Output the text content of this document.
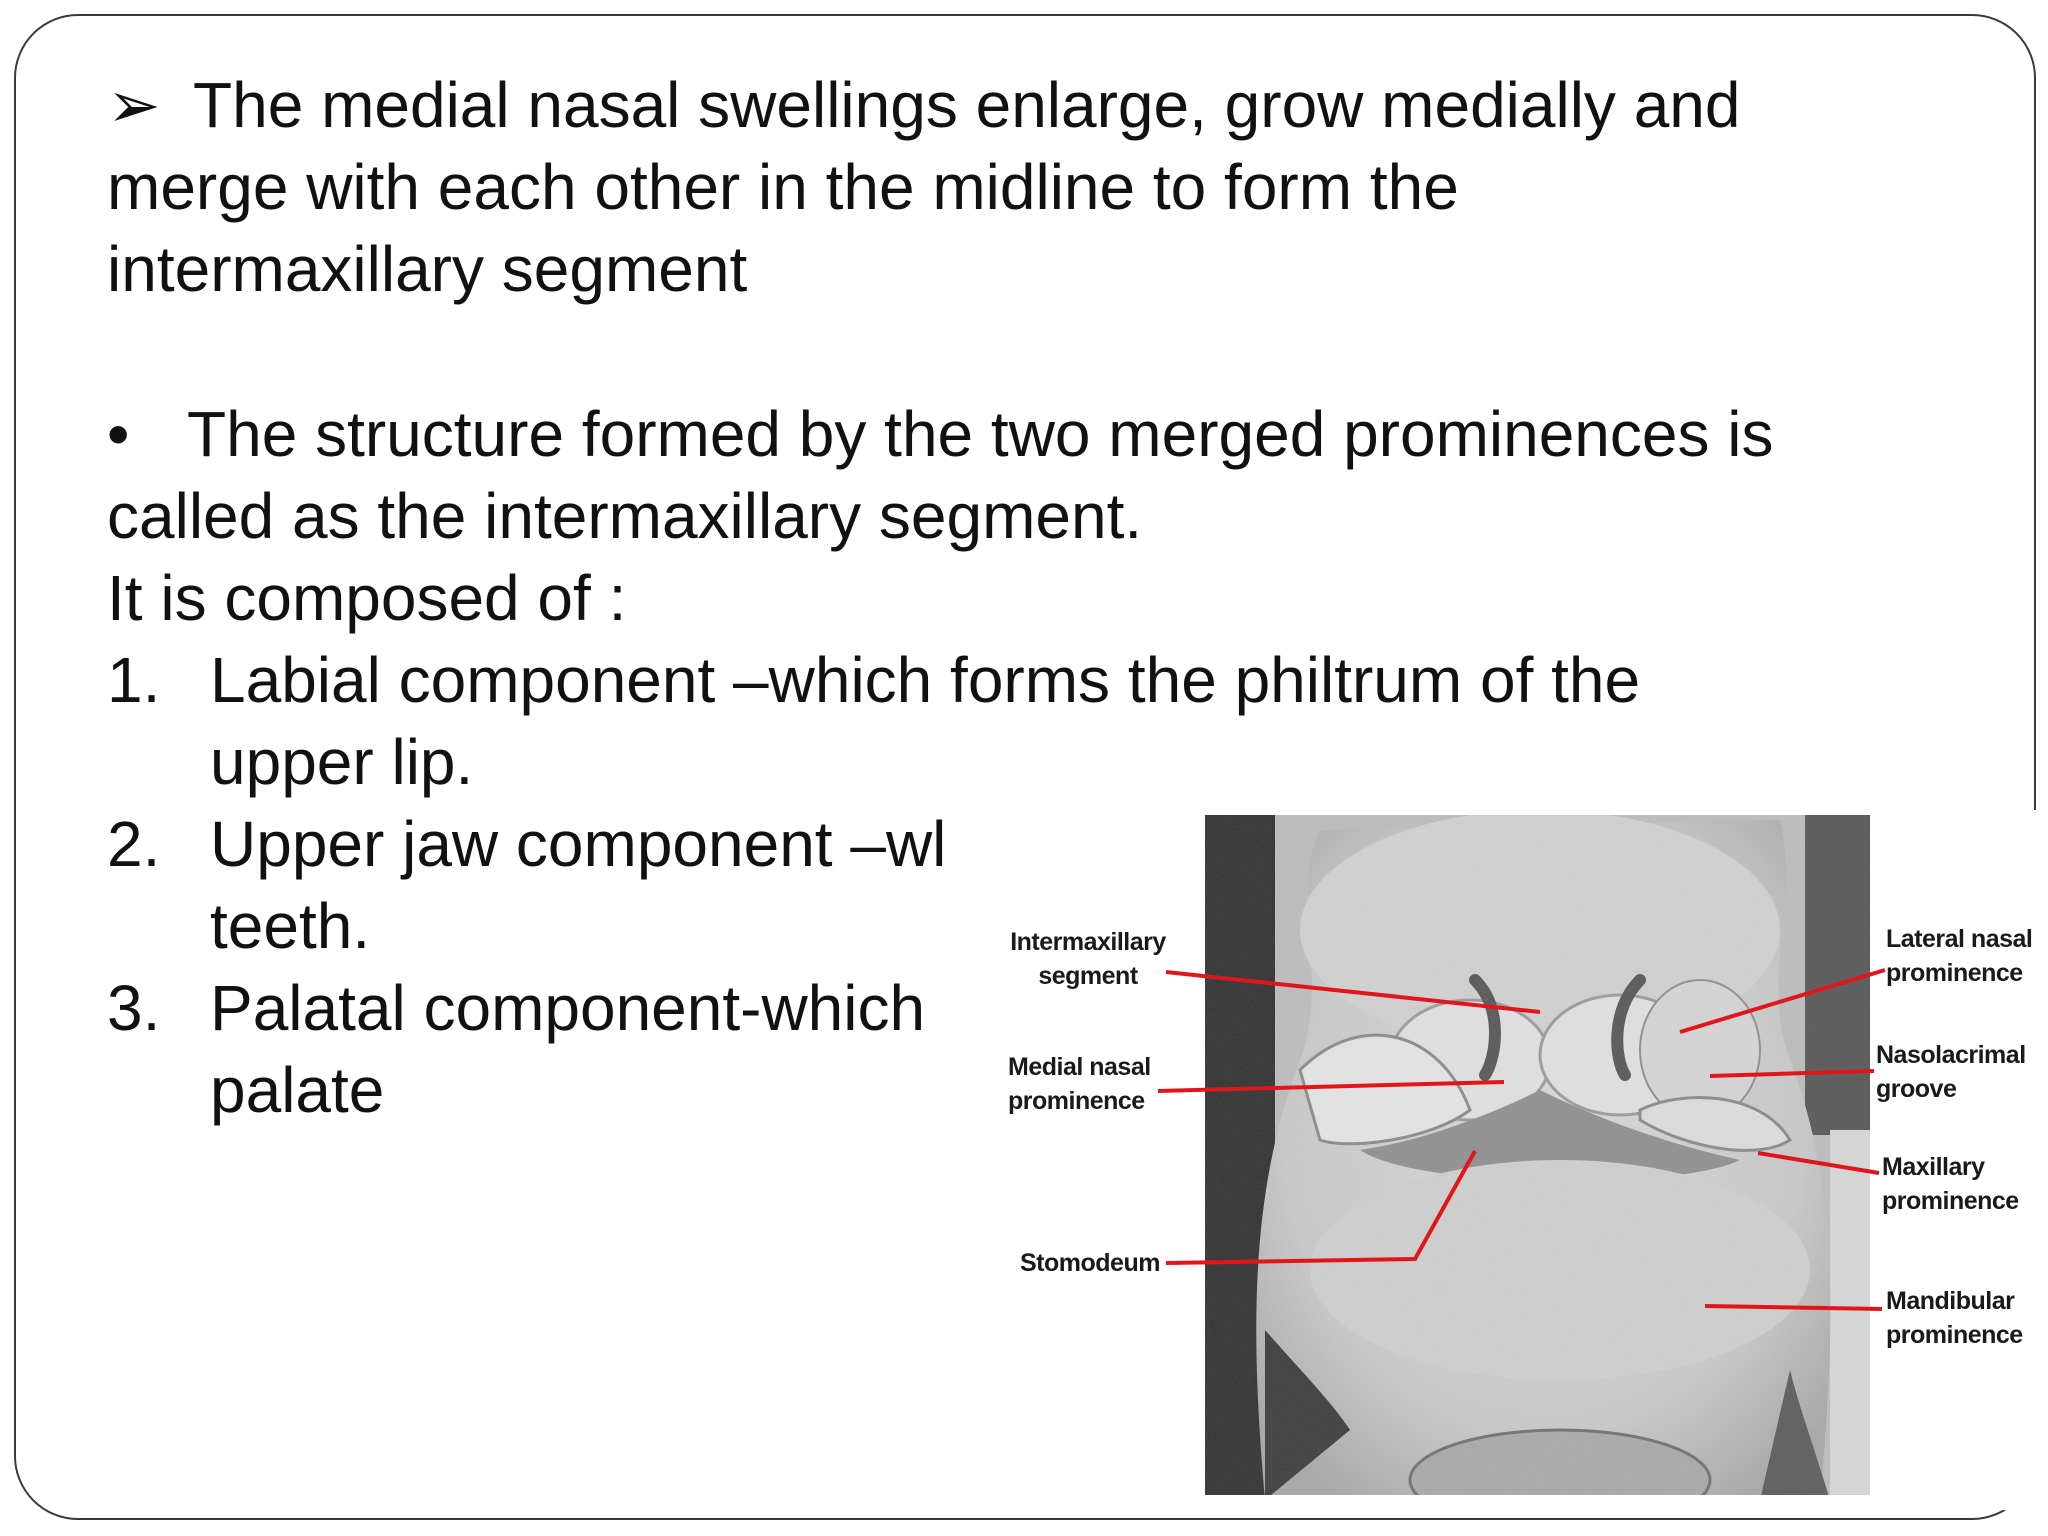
➢ The medial nasal swellings enlarge, grow medially and

merge with each other in the midline to form the

intermaxillary segment

• The structure formed by the two merged prominences is

called as the intermaxillary segment.

It is composed of :

1. Labial component –which forms the philtrum of the

upper lip.

2. Upper jaw component –wl

teeth.

3. Palatal component-which

palate

Intermaxillary
segment
Medial nasal
prominence
Stomodeum
Lateral nasal
prominence
Nasolacrimal
groove
Maxillary
prominence
Mandibular
prominence
